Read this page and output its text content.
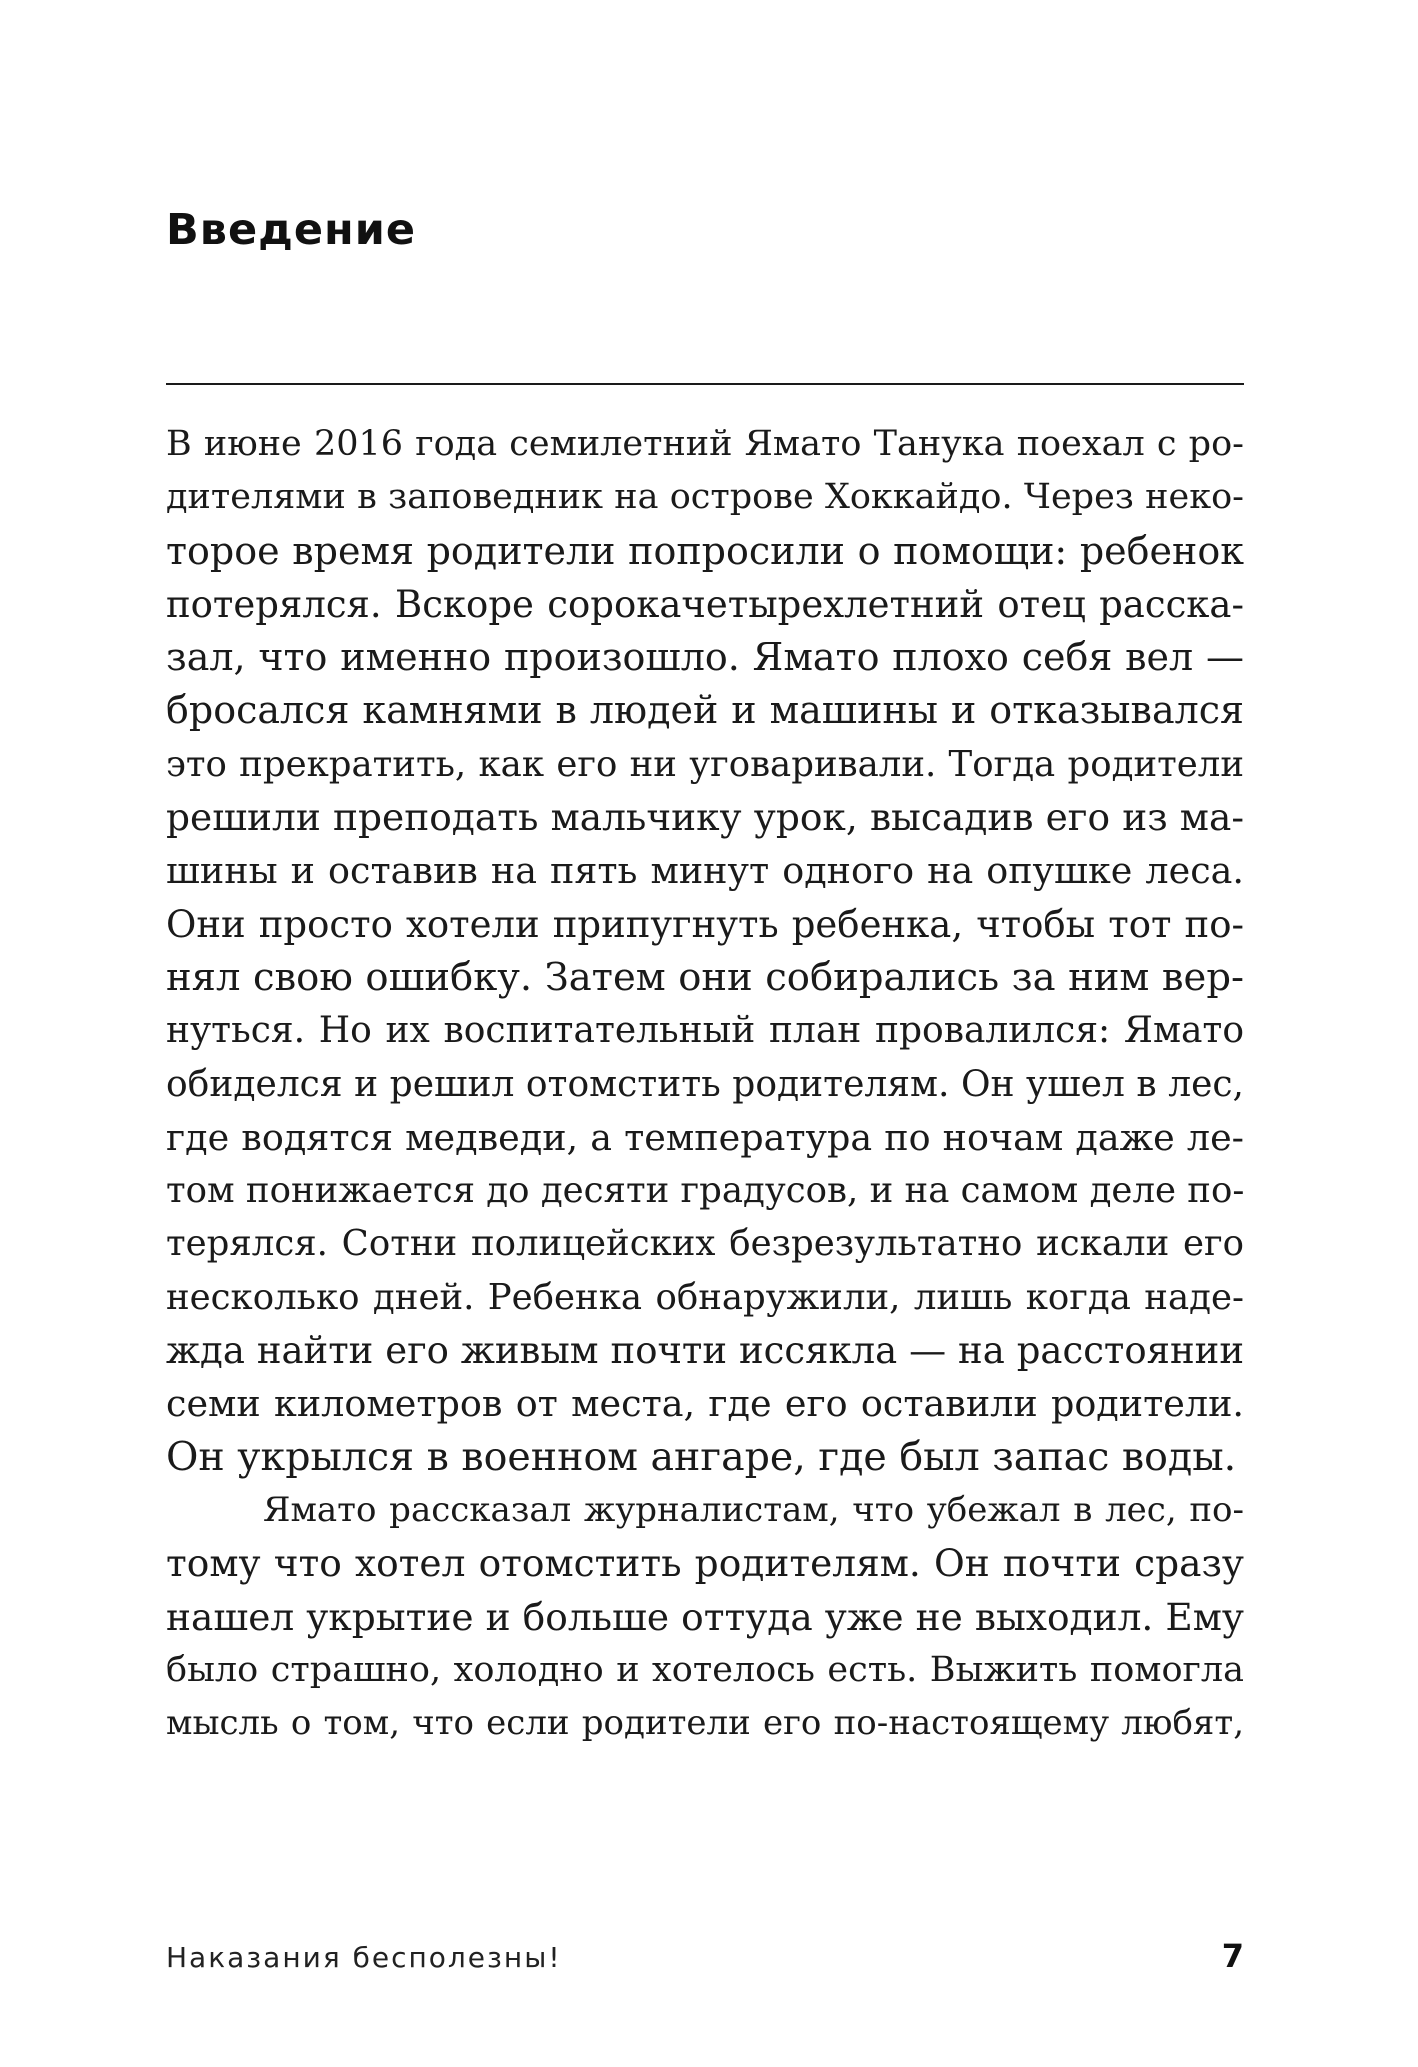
Введение
В июне 2016 года семилетний Ямато Танука поехал с ро-
дителями в заповедник на острове Хоккайдо. Через неко-
торое время родители попросили о помощи: ребенок
потерялся. Вскоре сорокачетырехлетний отец расска-
зал, что именно произошло. Ямато плохо себя вел —
бросался камнями в людей и машины и отказывался
это прекратить, как его ни уговаривали. Тогда родители
решили преподать мальчику урок, высадив его из ма-
шины и оставив на пять минут одного на опушке леса.
Они просто хотели припугнуть ребенка, чтобы тот по-
нял свою ошибку. Затем они собирались за ним вер-
нуться. Но их воспитательный план провалился: Ямато
обиделся и решил отомстить родителям. Он ушел в лес,
где водятся медведи, а температура по ночам даже ле-
том понижается до десяти градусов, и на самом деле по-
терялся. Сотни полицейских безрезультатно искали его
несколько дней. Ребенка обнаружили, лишь когда наде-
жда найти его живым почти иссякла — на расстоянии
семи километров от места, где его оставили родители.
Он укрылся в военном ангаре, где был запас воды.
Ямато рассказал журналистам, что убежал в лес, по-
тому что хотел отомстить родителям. Он почти сразу
нашел укрытие и больше оттуда уже не выходил. Ему
было страшно, холодно и хотелось есть. Выжить помогла
мысль о том, что если родители его по-настоящему любят,
Наказания бесполезны!	7
